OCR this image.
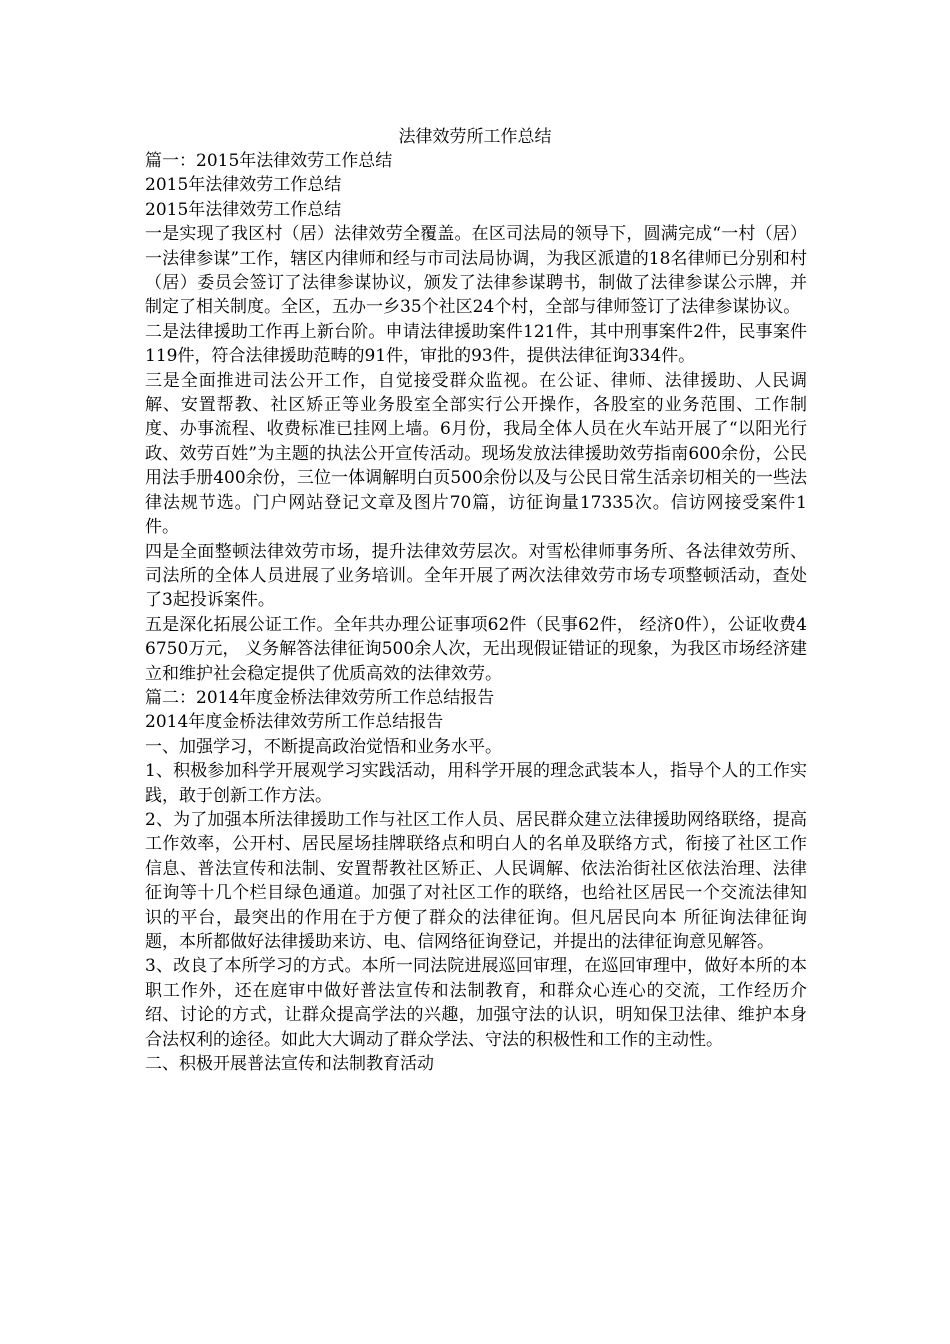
法律效劳所工作总结

篇一：2015年法律效劳工作总结

2015年法律效劳工作总结

2015年法律效劳工作总结

一是实现了我区村（居）法律效劳全覆盖。在区司法局的领导下，圆满完成“一村（居）一法律参谋”工作，辖区内律师和经与市司法局协调，为我区派遣的18名律师已分别和村（居）委员会签订了法律参谋协议，颁发了法律参谋聘书，制做了法律参谋公示牌，并制定了相关制度。全区，五办一乡35个社区24个村，全部与律师签订了法律参谋协议。

二是法律援助工作再上新台阶。申请法律援助案件121件，其中刑事案件2件，民事案件119件，符合法律援助范畴的91件，审批的93件，提供法律征询334件。

三是全面推进司法公开工作，自觉接受群众监视。在公证、律师、法律援助、人民调解、安置帮教、社区矫正等业务股室全部实行公开操作，各股室的业务范围、工作制度、办事流程、收费标准已挂网上墙。6月份，我局全体人员在火车站开展了“以阳光行政、效劳百姓”为主题的执法公开宣传活动。现场发放法律援助效劳指南600余份，公民用法手册400余份，三位一体调解明白页500余份以及与公民日常生活亲切相关的一些法律法规节选。门户网站登记文章及图片70篇，访征询量17335次。信访网接受案件1件。

四是全面整顿法律效劳市场，提升法律效劳层次。对雪松律师事务所、各法律效劳所、司法所的全体人员进展了业务培训。全年开展了两次法律效劳市场专项整顿活动，查处了3起投诉案件。

五是深化拓展公证工作。全年共办理公证事项62件（民事62件， 经济0件），公证收费46750万元， 义务解答法律征询500余人次，无出现假证错证的现象，为我区市场经济建立和维护社会稳定提供了优质高效的法律效劳。

篇二：2014年度金桥法律效劳所工作总结报告

2014年度金桥法律效劳所工作总结报告

一、加强学习，不断提高政治觉悟和业务水平。

1、积极参加科学开展观学习实践活动，用科学开展的理念武装本人，指导个人的工作实践，敢于创新工作方法。

2、为了加强本所法律援助工作与社区工作人员、居民群众建立法律援助网络联络，提高工作效率，公开村、居民屋场挂牌联络点和明白人的名单及联络方式，衔接了社区工作信息、普法宣传和法制、安置帮教社区矫正、人民调解、依法治街社区依法治理、法律征询等十几个栏目绿色通道。加强了对社区工作的联络，也给社区居民一个交流法律知识的平台，最突出的作用在于方便了群众的法律征询。但凡居民向本 所征询法律征询题，本所都做好法律援助来访、电、信网络征询登记，并提出的法律征询意见解答。

3、改良了本所学习的方式。本所一同法院进展巡回审理，在巡回审理中，做好本所的本职工作外，还在庭审中做好普法宣传和法制教育，和群众心连心的交流，工作经历介绍、讨论的方式，让群众提高学法的兴趣，加强守法的认识，明知保卫法律、维护本身合法权利的途径。如此大大调动了群众学法、守法的积极性和工作的主动性。

二、积极开展普法宣传和法制教育活动
